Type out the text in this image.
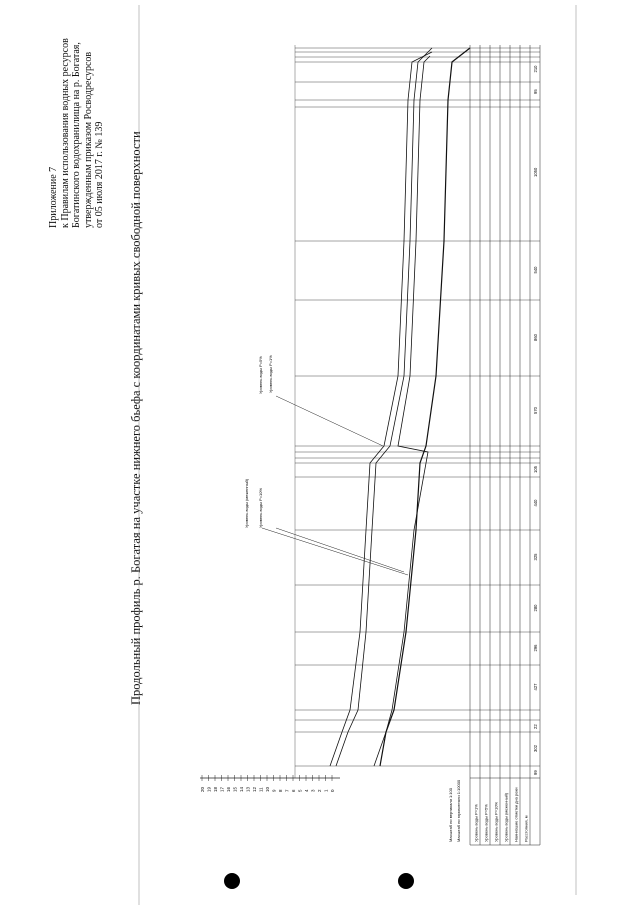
Приложение 7 к Правилам использования водных ресурсов Богатинского водохранилища на р. Богатая, утвержденным приказом Росводресурсов от 05 июля 2017 г. № 139 Продольный профиль р. Богатая на участке нижнего бьефа с координатами кривых свободной поверхности
20 19 18 17 16 15 14 13 12 11 10 9 8 7 6 5 4 3 2 1 0
Уровень воды P=1%
Уровень воды P=5%
Уровень воды P=10%
Уровень воды (меженный)
Уровень воды P=1% Уровень воды P=5% Уровень воды P=10% Уровень воды (меженный) Наинизшие отметки дна реки Расстояния, м
99
302
22
427
296
280
325
440
105
570
860
540
1050
95
210
Масштаб по вертикали 1:100 Масштаб по горизонтали 1:10000
